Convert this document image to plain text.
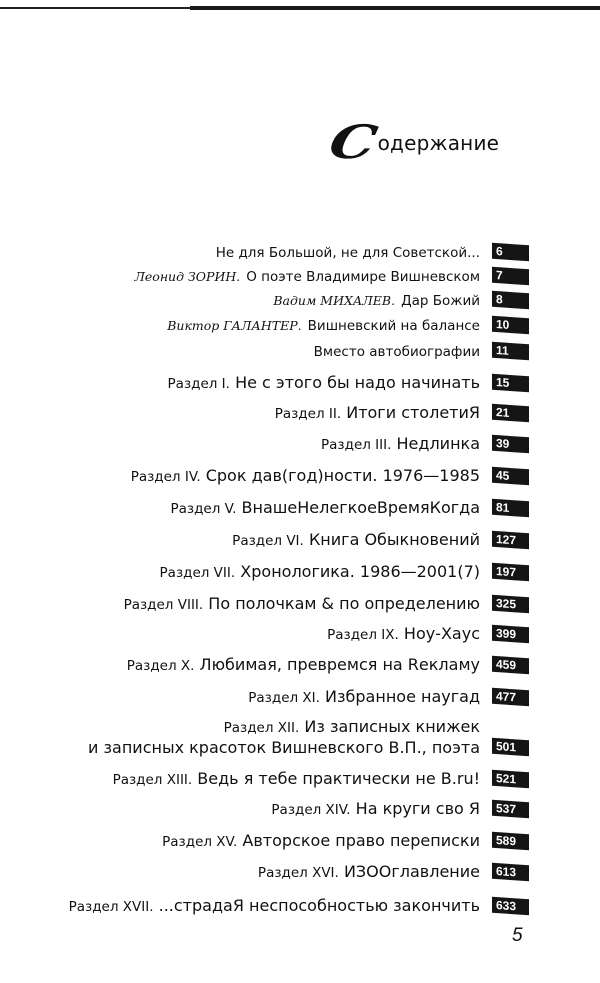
С
одержание
Не для Большой, не для Советской...	6
Леонид ЗОРИН. О поэте Владимире Вишневском	7
Вадим МИХАЛЕВ. Дар Божий	8
Виктор ГАЛАНТЕР. Вишневский на балансе	10
Вместо автобиографии	11
Раздел I. Не с этого бы надо начинать	15
Раздел II. Итоги столетиЯ	21
Раздел III. Недлинка	39
Раздел IV. Срок дав(год)ности. 1976—1985	45
Раздел V. ВнашеНелегкоеВремяКогда	81
Раздел VI. Книга Обыкновений	127
Раздел VII. Хронологика. 1986—2001(7)	197
Раздел VIII. По полочкам & по определению	325
Раздел IX. Ноу-Хаус	399
Раздел X. Любимая, превремся на Rекламу	459
Раздел XI. Избранное наугад	477
Раздел XII. Из записных книжек
и записных красоток Вишневского В.П., поэта	501
Раздел XIII. Ведь я тебе практически не B.ru!	521
Раздел XIV. На круги сво Я	537
Раздел XV. Авторское право переписки	589
Раздел XVI. ИЗООглавление	613
Раздел XVII. ...страдаЯ неспособностью закончить	633
5
